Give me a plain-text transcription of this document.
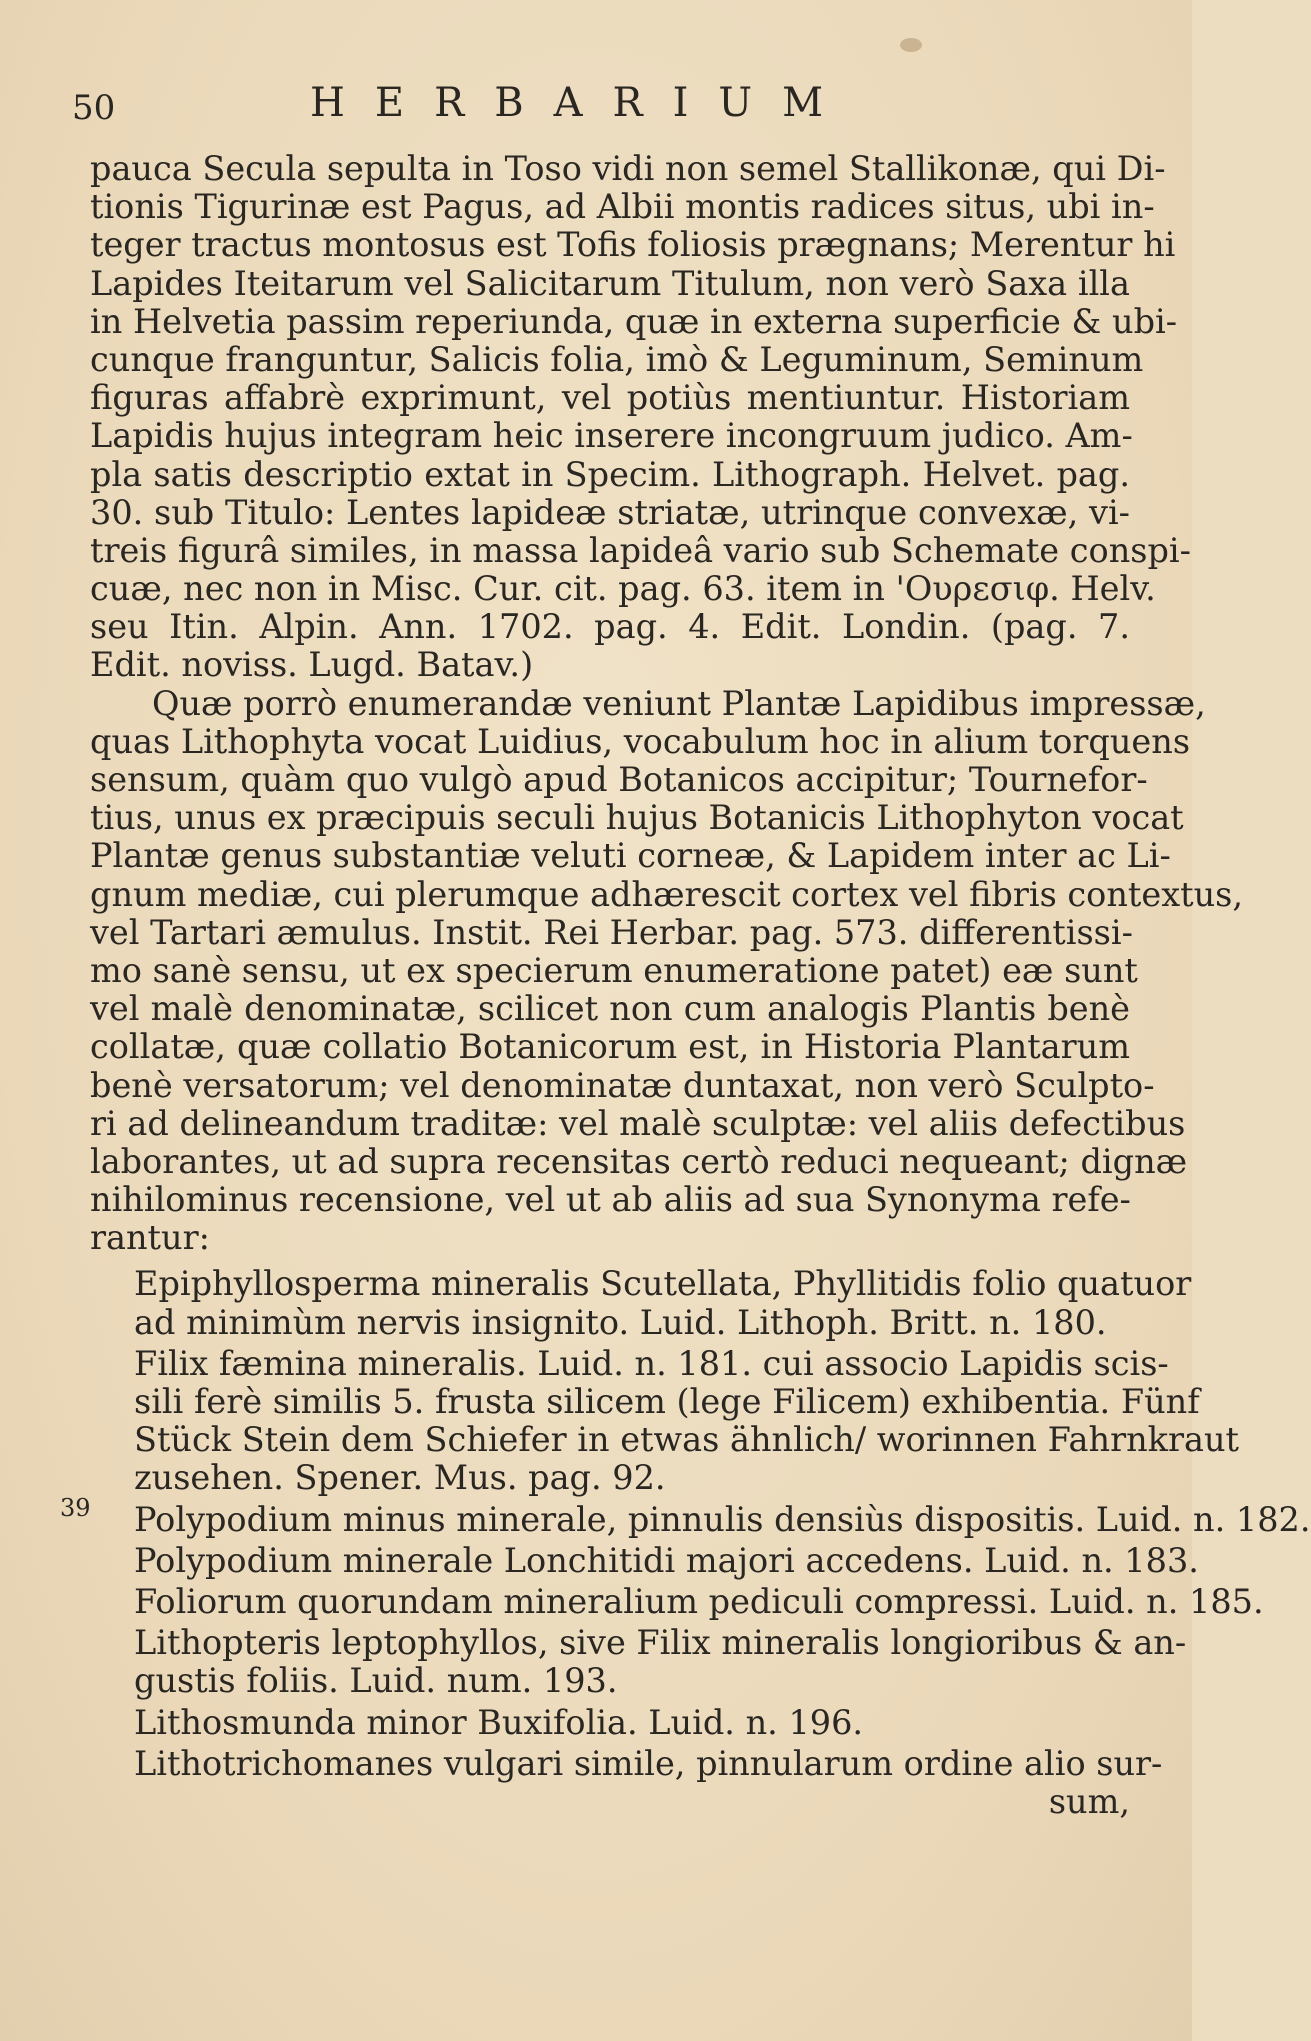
50	HERBARIUM
39
pauca Secula sepulta in Toso vidi non semel Stallikonæ, qui Di-
tionis Tigurinæ est Pagus, ad Albii montis radices situs, ubi in-
teger tractus montosus est Tofis foliosis prægnans; Merentur hi
Lapides Iteitarum vel Salicitarum Titulum, non verò Saxa illa
in Helvetia passim reperiunda, quæ in externa superficie & ubi-
cunque franguntur, Salicis folia, imò & Leguminum, Seminum
figuras affabrè exprimunt, vel potiùs mentiuntur. Historiam
Lapidis hujus integram heic inserere incongruum judico. Am-
pla satis descriptio extat in Specim. Lithograph. Helvet. pag.
30. sub Titulo: Lentes lapideæ striatæ, utrinque convexæ, vi-
treis figurâ similes, in massa lapideâ vario sub Schemate conspi-
cuæ, nec non in Misc. Cur. cit. pag. 63. item in 'Ουρεσιφ. Helv.
seu Itin. Alpin. Ann. 1702. pag. 4. Edit. Londin. (pag. 7.
Edit. noviss. Lugd. Batav.)
Quæ porrò enumerandæ veniunt Plantæ Lapidibus impressæ,
quas Lithophyta vocat Luidius, vocabulum hoc in alium torquens
sensum, quàm quo vulgò apud Botanicos accipitur; Tournefor-
tius, unus ex præcipuis seculi hujus Botanicis Lithophyton vocat
Plantæ genus substantiæ veluti corneæ, & Lapidem inter ac Li-
gnum mediæ, cui plerumque adhærescit cortex vel fibris contextus,
vel Tartari æmulus. Instit. Rei Herbar. pag. 573. differentissi-
mo sanè sensu, ut ex specierum enumeratione patet) eæ sunt
vel malè denominatæ, scilicet non cum analogis Plantis benè
collatæ, quæ collatio Botanicorum est, in Historia Plantarum
benè versatorum; vel denominatæ duntaxat, non verò Sculpto-
ri ad delineandum traditæ: vel malè sculptæ: vel aliis defectibus
laborantes, ut ad supra recensitas certò reduci nequeant; dignæ
nihilominus recensione, vel ut ab aliis ad sua Synonyma refe-
rantur:
Epiphyllosperma mineralis Scutellata, Phyllitidis folio quatuor
ad minimùm nervis insignito. Luid. Lithoph. Britt. n. 180.
Filix fæmina mineralis. Luid. n. 181. cui associo Lapidis scis-
sili ferè similis 5. frusta silicem (lege Filicem) exhibentia. Fünf
Stück Stein dem Schiefer in etwas ähnlich/ worinnen Fahrnkraut
zusehen. Spener. Mus. pag. 92.
Polypodium minus minerale, pinnulis densiùs dispositis. Luid. n. 182.
Polypodium minerale Lonchitidi majori accedens. Luid. n. 183.
Foliorum quorundam mineralium pediculi compressi. Luid. n. 185.
Lithopteris leptophyllos, sive Filix mineralis longioribus & an-
gustis foliis. Luid. num. 193.
Lithosmunda minor Buxifolia. Luid. n. 196.
Lithotrichomanes vulgari simile, pinnularum ordine alio sur-
sum,
